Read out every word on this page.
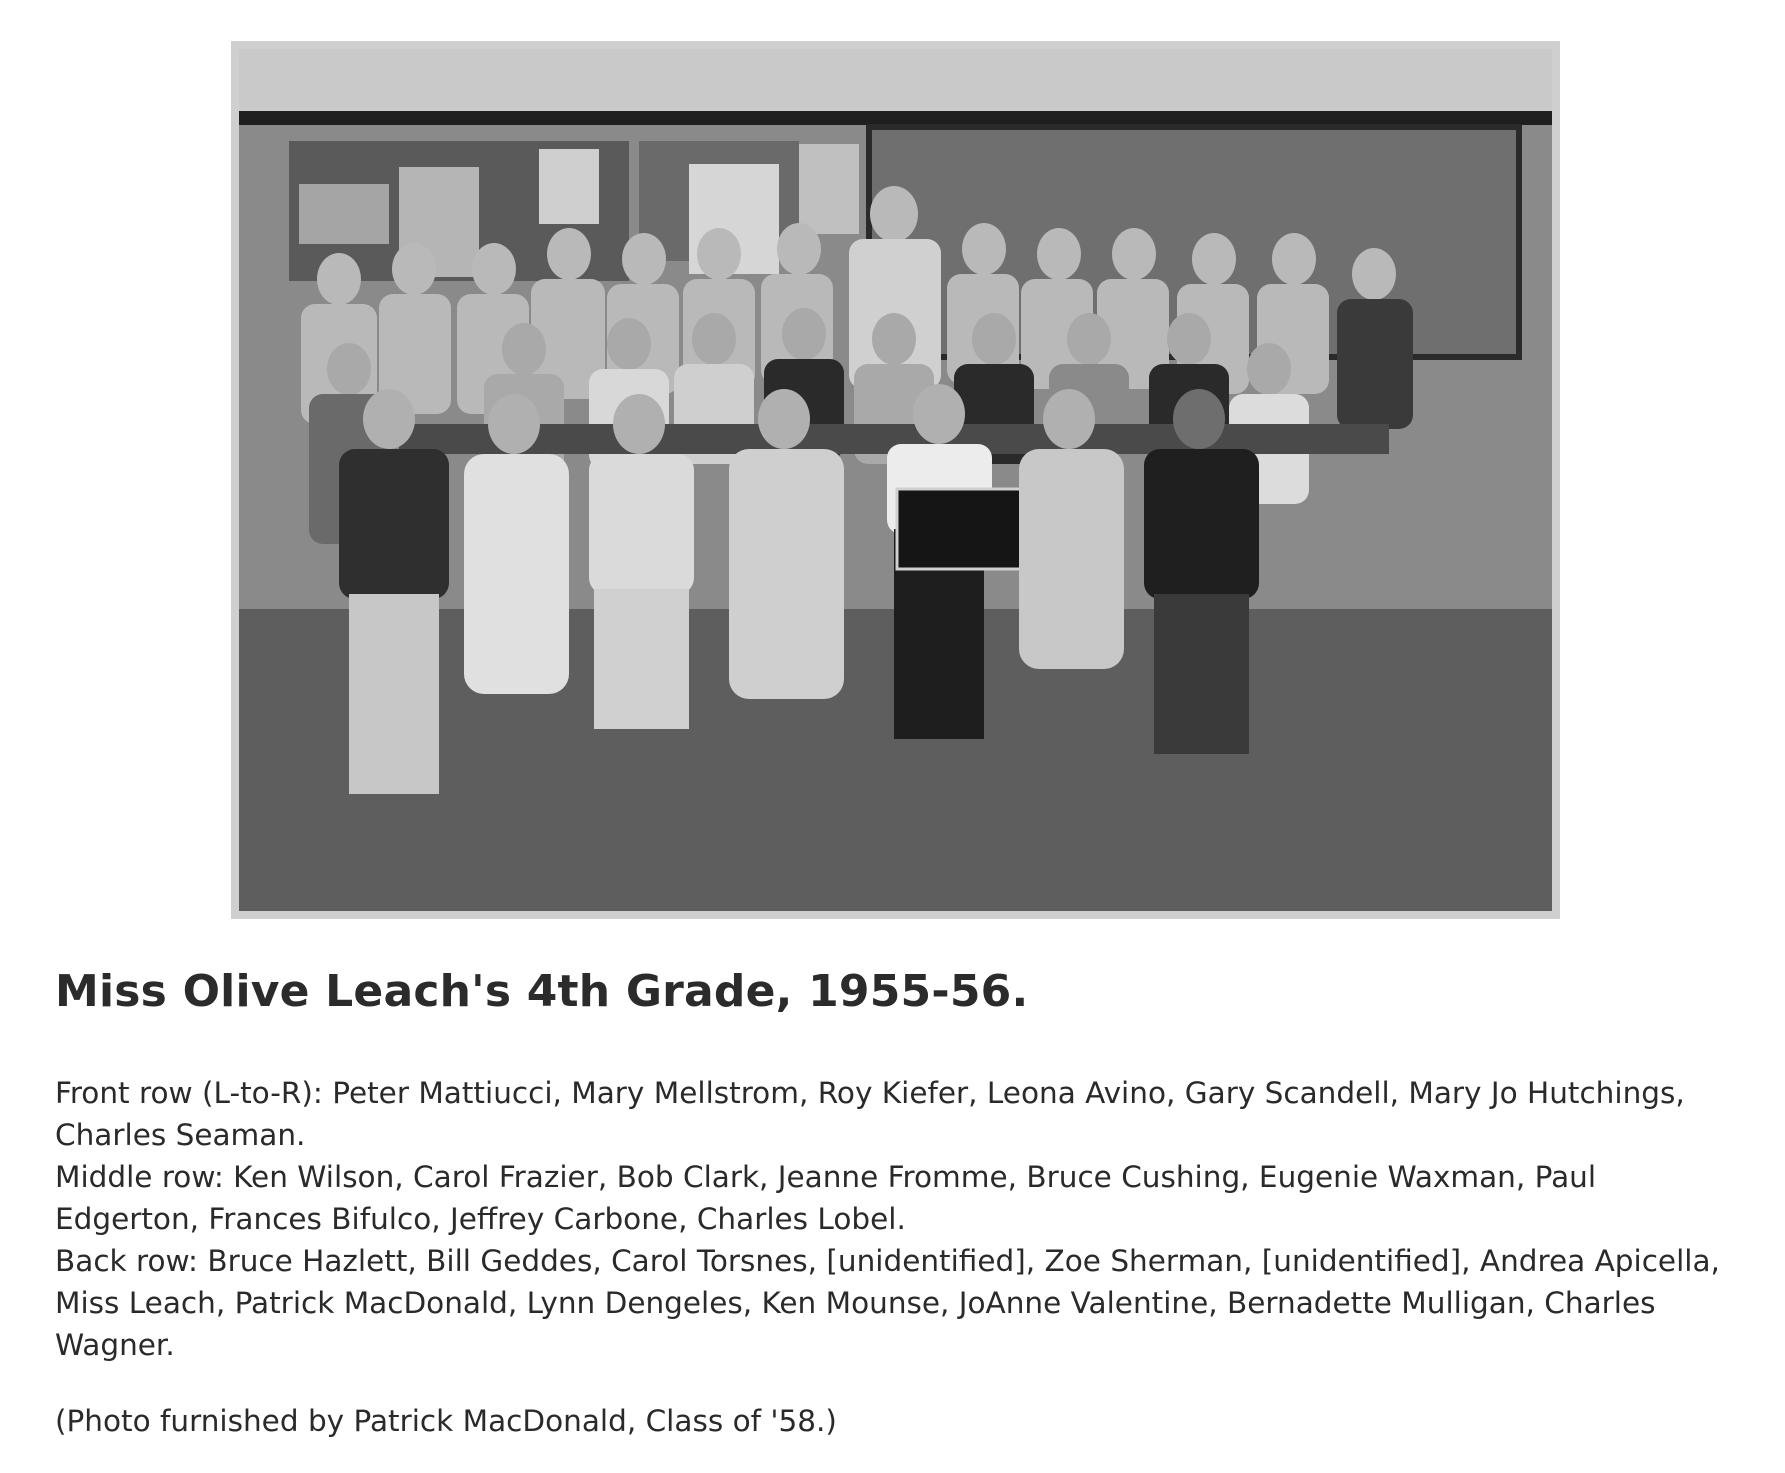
Miss Olive Leach's 4th Grade, 1955-56.
Front row (L-to-R): Peter Mattiucci, Mary Mellstrom, Roy Kiefer, Leona Avino, Gary Scandell, Mary Jo Hutchings, Charles Seaman.
Middle row: Ken Wilson, Carol Frazier, Bob Clark, Jeanne Fromme, Bruce Cushing, Eugenie Waxman, Paul Edgerton, Frances Bifulco, Jeffrey Carbone, Charles Lobel.
Back row: Bruce Hazlett, Bill Geddes, Carol Torsnes, [unidentified], Zoe Sherman, [unidentified], Andrea Apicella, Miss Leach, Patrick MacDonald, Lynn Dengeles, Ken Mounse, JoAnne Valentine, Bernadette Mulligan, Charles Wagner.

(Photo furnished by Patrick MacDonald, Class of '58.)
